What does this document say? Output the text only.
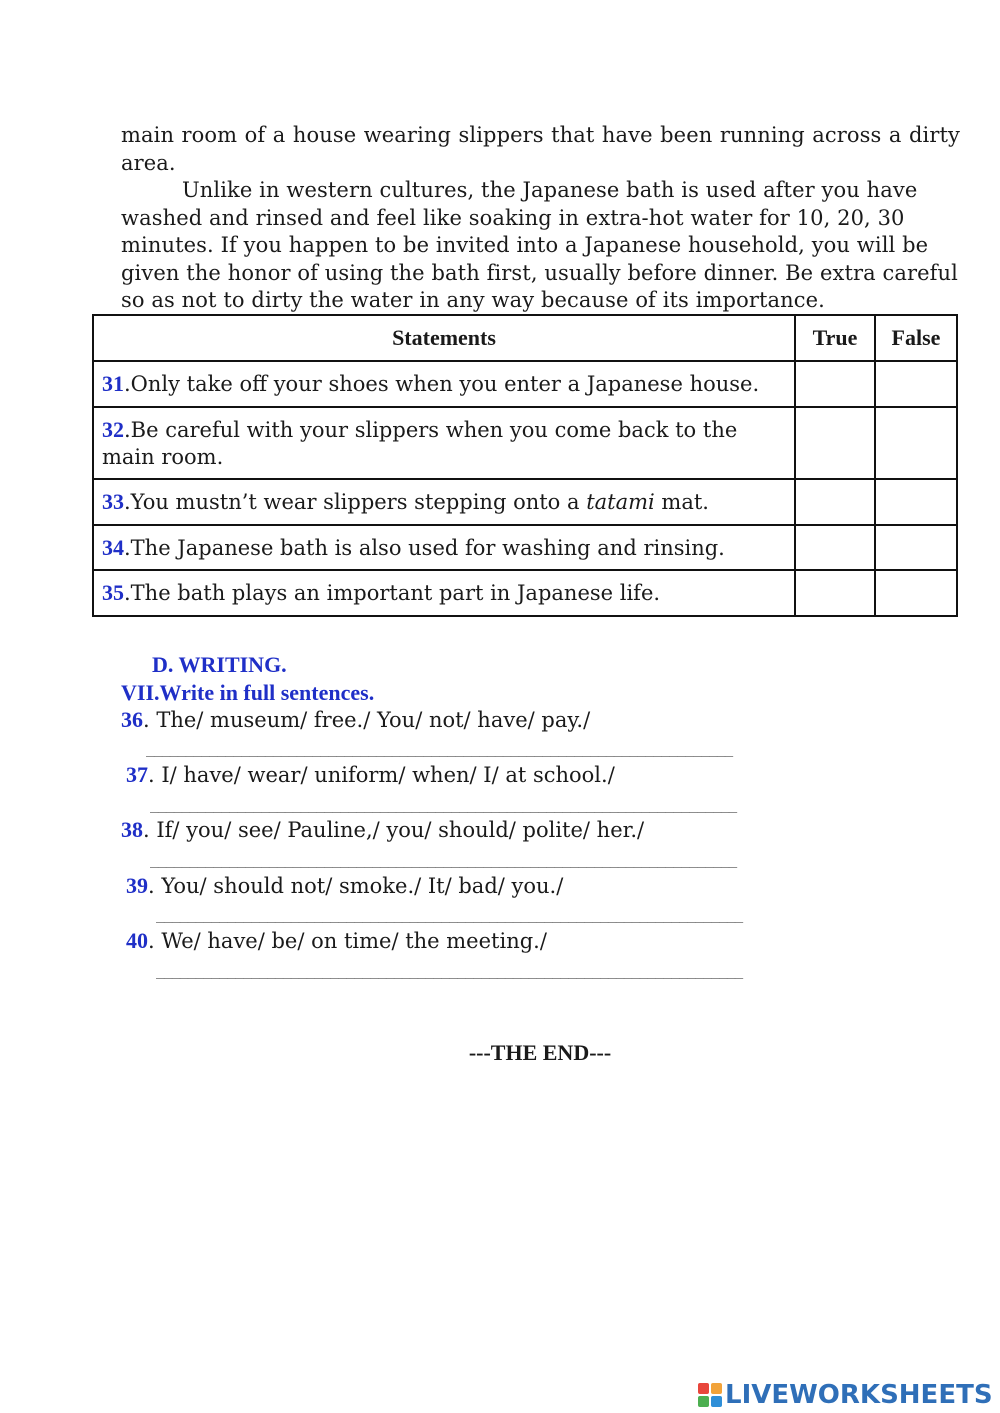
main room of a house wearing slippers that have been running across a dirty area.

Unlike in western cultures, the Japanese bath is used after you have washed and rinsed and feel like soaking in extra-hot water for 10, 20, 30 minutes. If you happen to be invited into a Japanese household, you will be given the honor of using the bath first, usually before dinner. Be extra careful so as not to dirty the water in any way because of its importance.

Statements	True	False
31.Only take off your shoes when you enter a Japanese house.		
32.Be careful with your slippers when you come back to the main room.		
33.You mustn’t wear slippers stepping onto a tatami mat.		
34.The Japanese bath is also used for washing and rinsing.		
35.The bath plays an important part in Japanese life.		
D. WRITING.
VII.Write in full sentences.
36. The/ museum/ free./ You/ not/ have/ pay./
__________________________________________________________________________
37. I/ have/ wear/ uniform/ when/ I/ at school./
__________________________________________________________________________
38. If/ you/ see/ Pauline,/ you/ should/ polite/ her./
__________________________________________________________________________
39. You/ should not/ smoke./ It/ bad/ you./
__________________________________________________________________________
40. We/ have/ be/ on time/ the meeting./
__________________________________________________________________________
---THE END---
LIVEWORKSHEETS
